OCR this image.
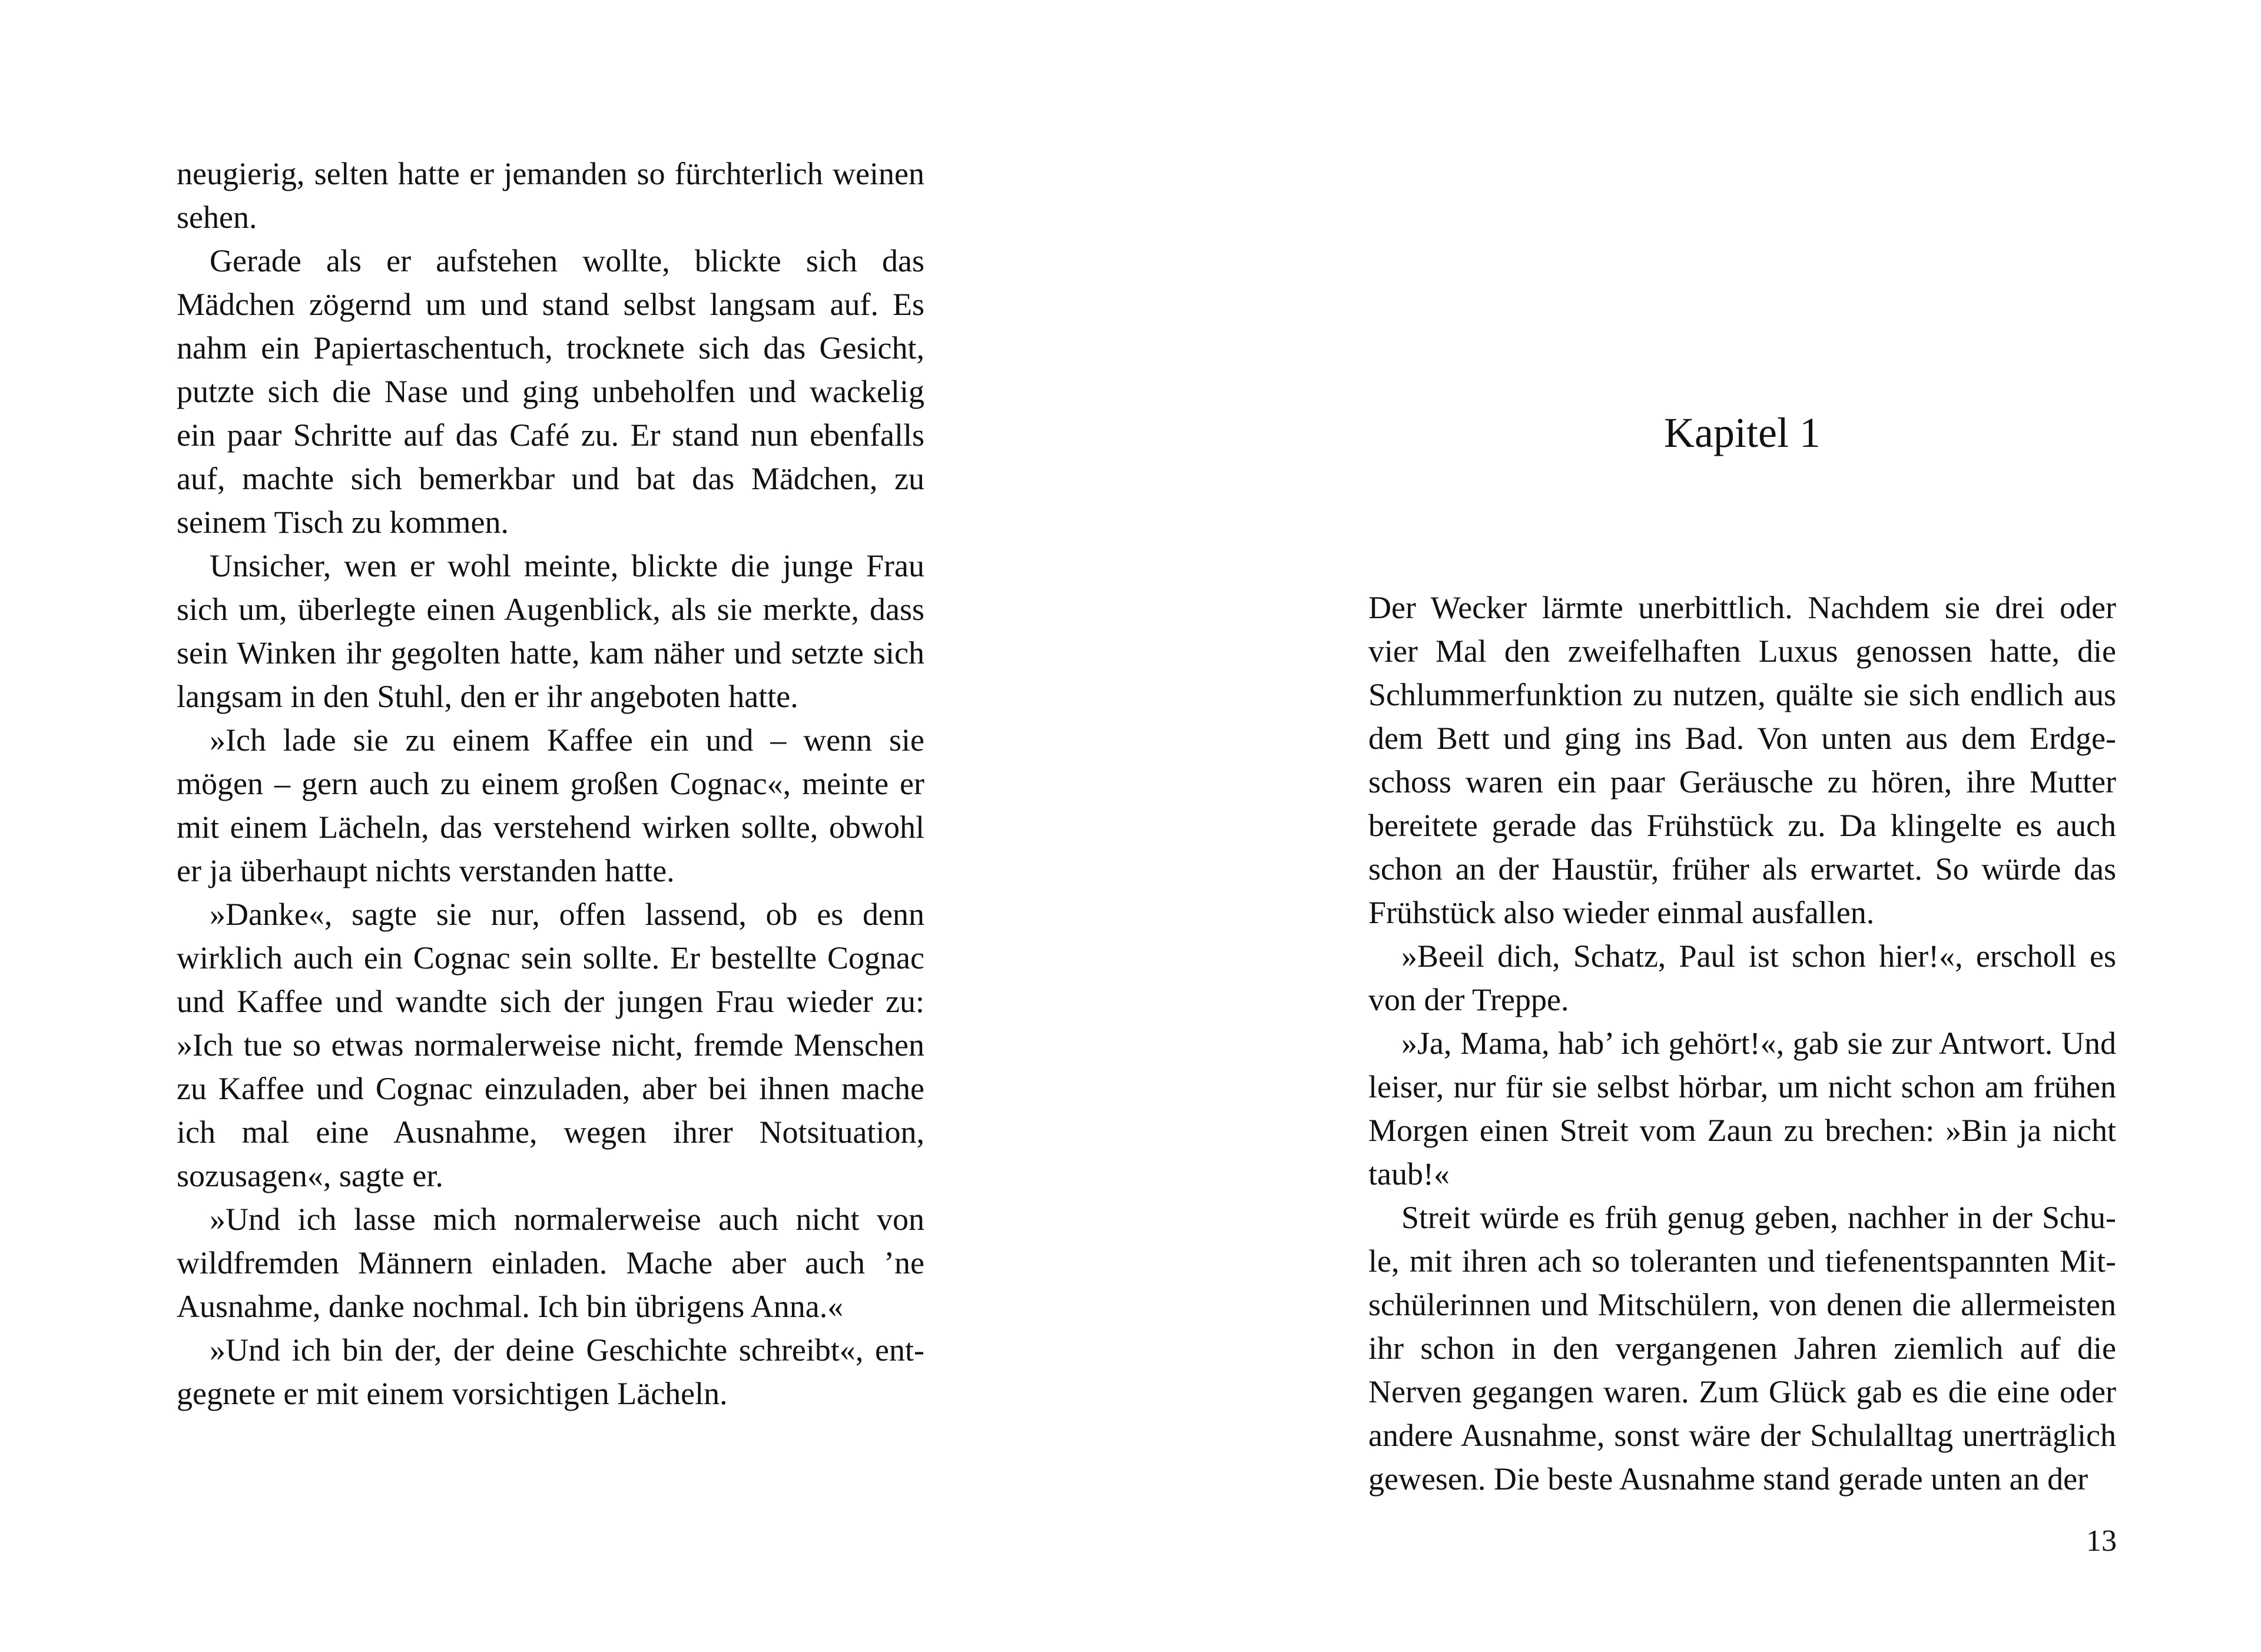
neugierig, selten hatte er jemanden so fürchterlich weinen sehen.

Gerade als er aufstehen wollte, blickte sich das Mädchen zögernd um und stand selbst langsam auf. Es nahm ein Papiertaschentuch, trocknete sich das Gesicht, putzte sich die Nase und ging unbeholfen und wackelig ein paar Schritte auf das Café zu. Er stand nun ebenfalls auf, machte sich bemerkbar und bat das Mädchen, zu seinem Tisch zu kommen.

Unsicher, wen er wohl meinte, blickte die junge Frau sich um, überlegte einen Augenblick, als sie merkte, dass sein Winken ihr gegolten hatte, kam näher und setzte sich langsam in den Stuhl, den er ihr angeboten hatte.

»Ich lade sie zu einem Kaffee ein und – wenn sie mögen – gern auch zu einem großen Cognac«, meinte er mit einem Lächeln, das verstehend wirken sollte, obwohl er ja überhaupt nichts verstanden hatte.

»Danke«, sagte sie nur, offen lassend, ob es denn wirklich auch ein Cognac sein sollte. Er bestellte Cognac und Kaffee und wandte sich der jungen Frau wieder zu: »Ich tue so etwas normalerweise nicht, fremde Menschen zu Kaffee und Cognac einzuladen, aber bei ihnen mache ich mal eine Ausnahme, wegen ihrer Notsituation, sozusagen«, sagte er.

»Und ich lasse mich normalerweise auch nicht von wildfremden Männern einladen. Mache aber auch ’ne Ausnahme, danke nochmal. Ich bin übrigens Anna.«

»Und ich bin der, der deine Geschichte schreibt«, entgegnete er mit einem vorsichtigen Lächeln.

Kapitel 1

Der Wecker lärmte unerbittlich. Nachdem sie drei oder vier Mal den zweifelhaften Luxus genossen hatte, die Schlummerfunktion zu nutzen, quälte sie sich endlich aus dem Bett und ging ins Bad. Von unten aus dem Erdgeschoss waren ein paar Geräusche zu hören, ihre Mutter bereitete gerade das Frühstück zu. Da klingelte es auch schon an der Haustür, früher als erwartet. So würde das Frühstück also wieder einmal ausfallen.

»Beeil dich, Schatz, Paul ist schon hier!«, erscholl es von der Treppe.

»Ja, Mama, hab’ ich gehört!«, gab sie zur Antwort. Und leiser, nur für sie selbst hörbar, um nicht schon am frühen Morgen einen Streit vom Zaun zu brechen: »Bin ja nicht taub!«

Streit würde es früh genug geben, nachher in der Schule, mit ihren ach so toleranten und tiefenentspannten Mitschülerinnen und Mitschülern, von denen die allermeisten ihr schon in den vergangenen Jahren ziemlich auf die Nerven gegangen waren. Zum Glück gab es die eine oder andere Ausnahme, sonst wäre der Schulalltag unerträglich gewesen. Die beste Ausnahme stand gerade unten an der

13
